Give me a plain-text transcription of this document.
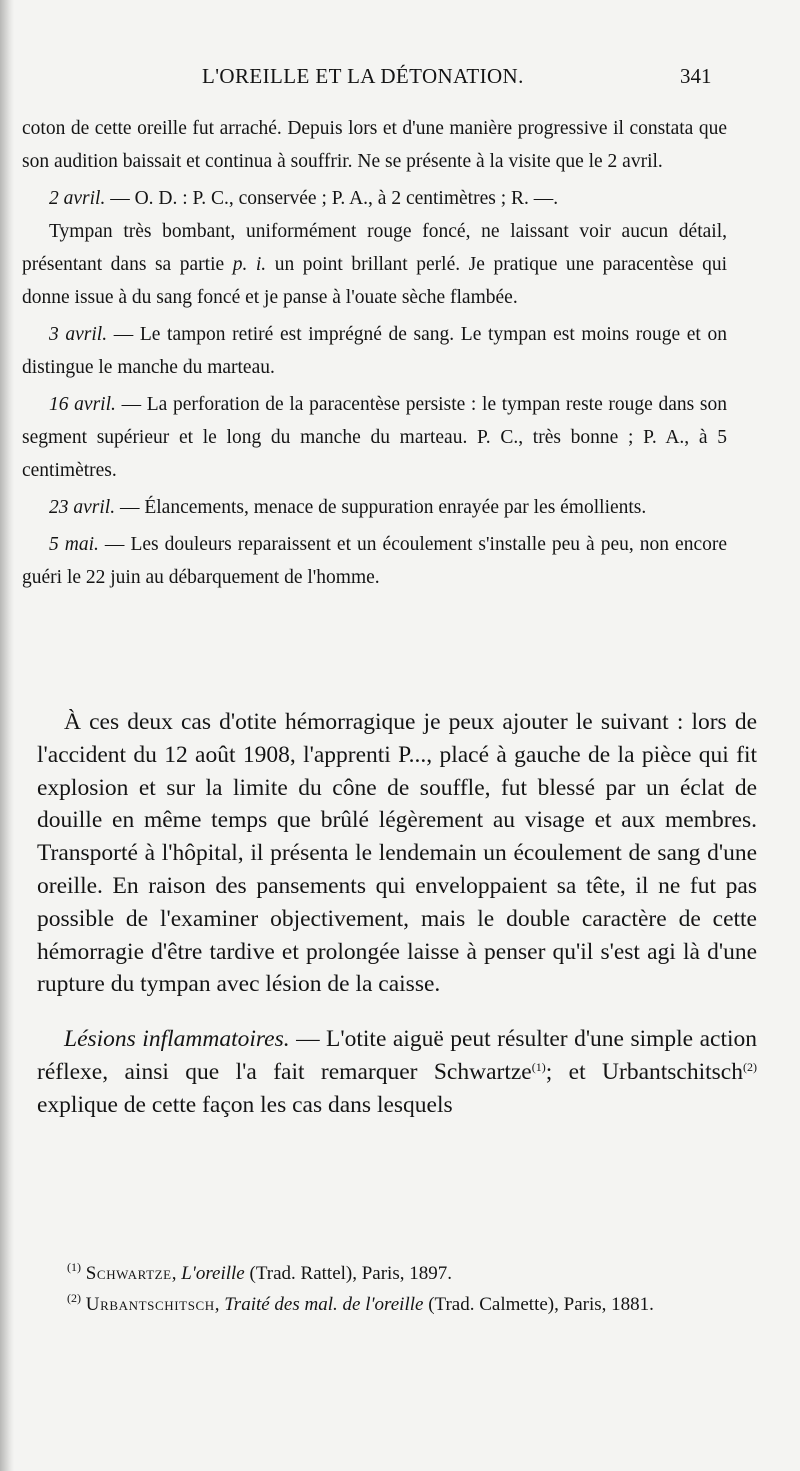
L'OREILLE ET LA DÉTONATION.	341

coton de cette oreille fut arraché. Depuis lors et d'une manière progressive il constata que son audition baissait et continua à souffrir. Ne se présente à la visite que le 2 avril.

2 avril. — O. D. : P. C., conservée ; P. A., à 2 centimètres ; R. —.

Tympan très bombant, uniformément rouge foncé, ne laissant voir aucun détail, présentant dans sa partie p. i. un point brillant perlé. Je pratique une paracentèse qui donne issue à du sang foncé et je panse à l'ouate sèche flambée.

3 avril. — Le tampon retiré est imprégné de sang. Le tympan est moins rouge et on distingue le manche du marteau.

16 avril. — La perforation de la paracentèse persiste : le tympan reste rouge dans son segment supérieur et le long du manche du marteau. P. C., très bonne ; P. A., à 5 centimètres.

23 avril. — Élancements, menace de suppuration enrayée par les émollients.

5 mai. — Les douleurs reparaissent et un écoulement s'installe peu à peu, non encore guéri le 22 juin au débarquement de l'homme.

À ces deux cas d'otite hémorragique je peux ajouter le suivant : lors de l'accident du 12 août 1908, l'apprenti P..., placé à gauche de la pièce qui fit explosion et sur la limite du cône de souffle, fut blessé par un éclat de douille en même temps que brûlé légèrement au visage et aux membres. Transporté à l'hôpital, il présenta le lendemain un écoulement de sang d'une oreille. En raison des pansements qui enveloppaient sa tête, il ne fut pas possible de l'examiner objectivement, mais le double caractère de cette hémorragie d'être tardive et prolongée laisse à penser qu'il s'est agi là d'une rupture du tympan avec lésion de la caisse.

Lésions inflammatoires. — L'otite aiguë peut résulter d'une simple action réflexe, ainsi que l'a fait remarquer Schwartze$^{(1)}$; et Urbantschitsch$^{(2)}$ explique de cette façon les cas dans lesquels

$^{(1)}$ Schwartze, L'oreille (Trad. Rattel), Paris, 1897.

$^{(2)}$ Urbantschitsch, Traité des mal. de l'oreille (Trad. Calmette), Paris, 1881.
